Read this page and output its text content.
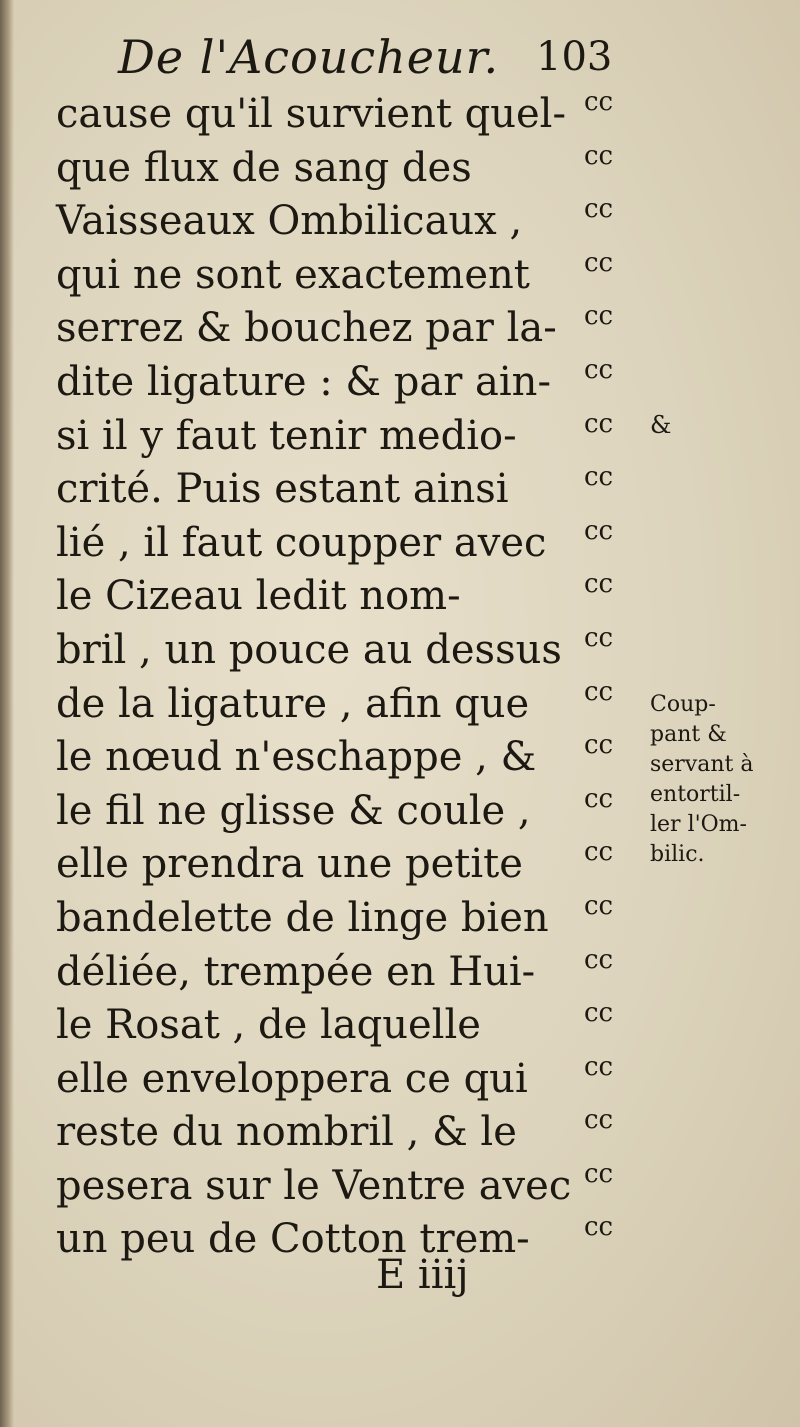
De l'Acoucheur. 103
cause qu'il survient quel- cc
que flux de sang des	cc
Vaisseaux Ombilicaux , cc
qui ne sont exactement cc
serrez & bouchez par la- cc
dite ligature : & par ain- cc
si il y faut tenir medio-	cc
crité. Puis estant ainsi	cc
lié , il faut coupper avec cc
le Cizeau ledit nom-	cc
bril , un pouce au dessus cc
de la ligature , afin que cc
le nœud n'eschappe , & cc
le fil ne glisse & coule , cc
elle prendra une petite cc
bandelette de linge bien cc
déliée, trempée en Hui- cc
le Rosat , de laquelle	cc
elle enveloppera ce qui cc
reste du nombril , & le	cc
pesera sur le Ventre avec cc
un peu de Cotton trem- cc
&
Coup-
pant &
servant à
entortil-
ler l'Om-
bilic.
E iiij
